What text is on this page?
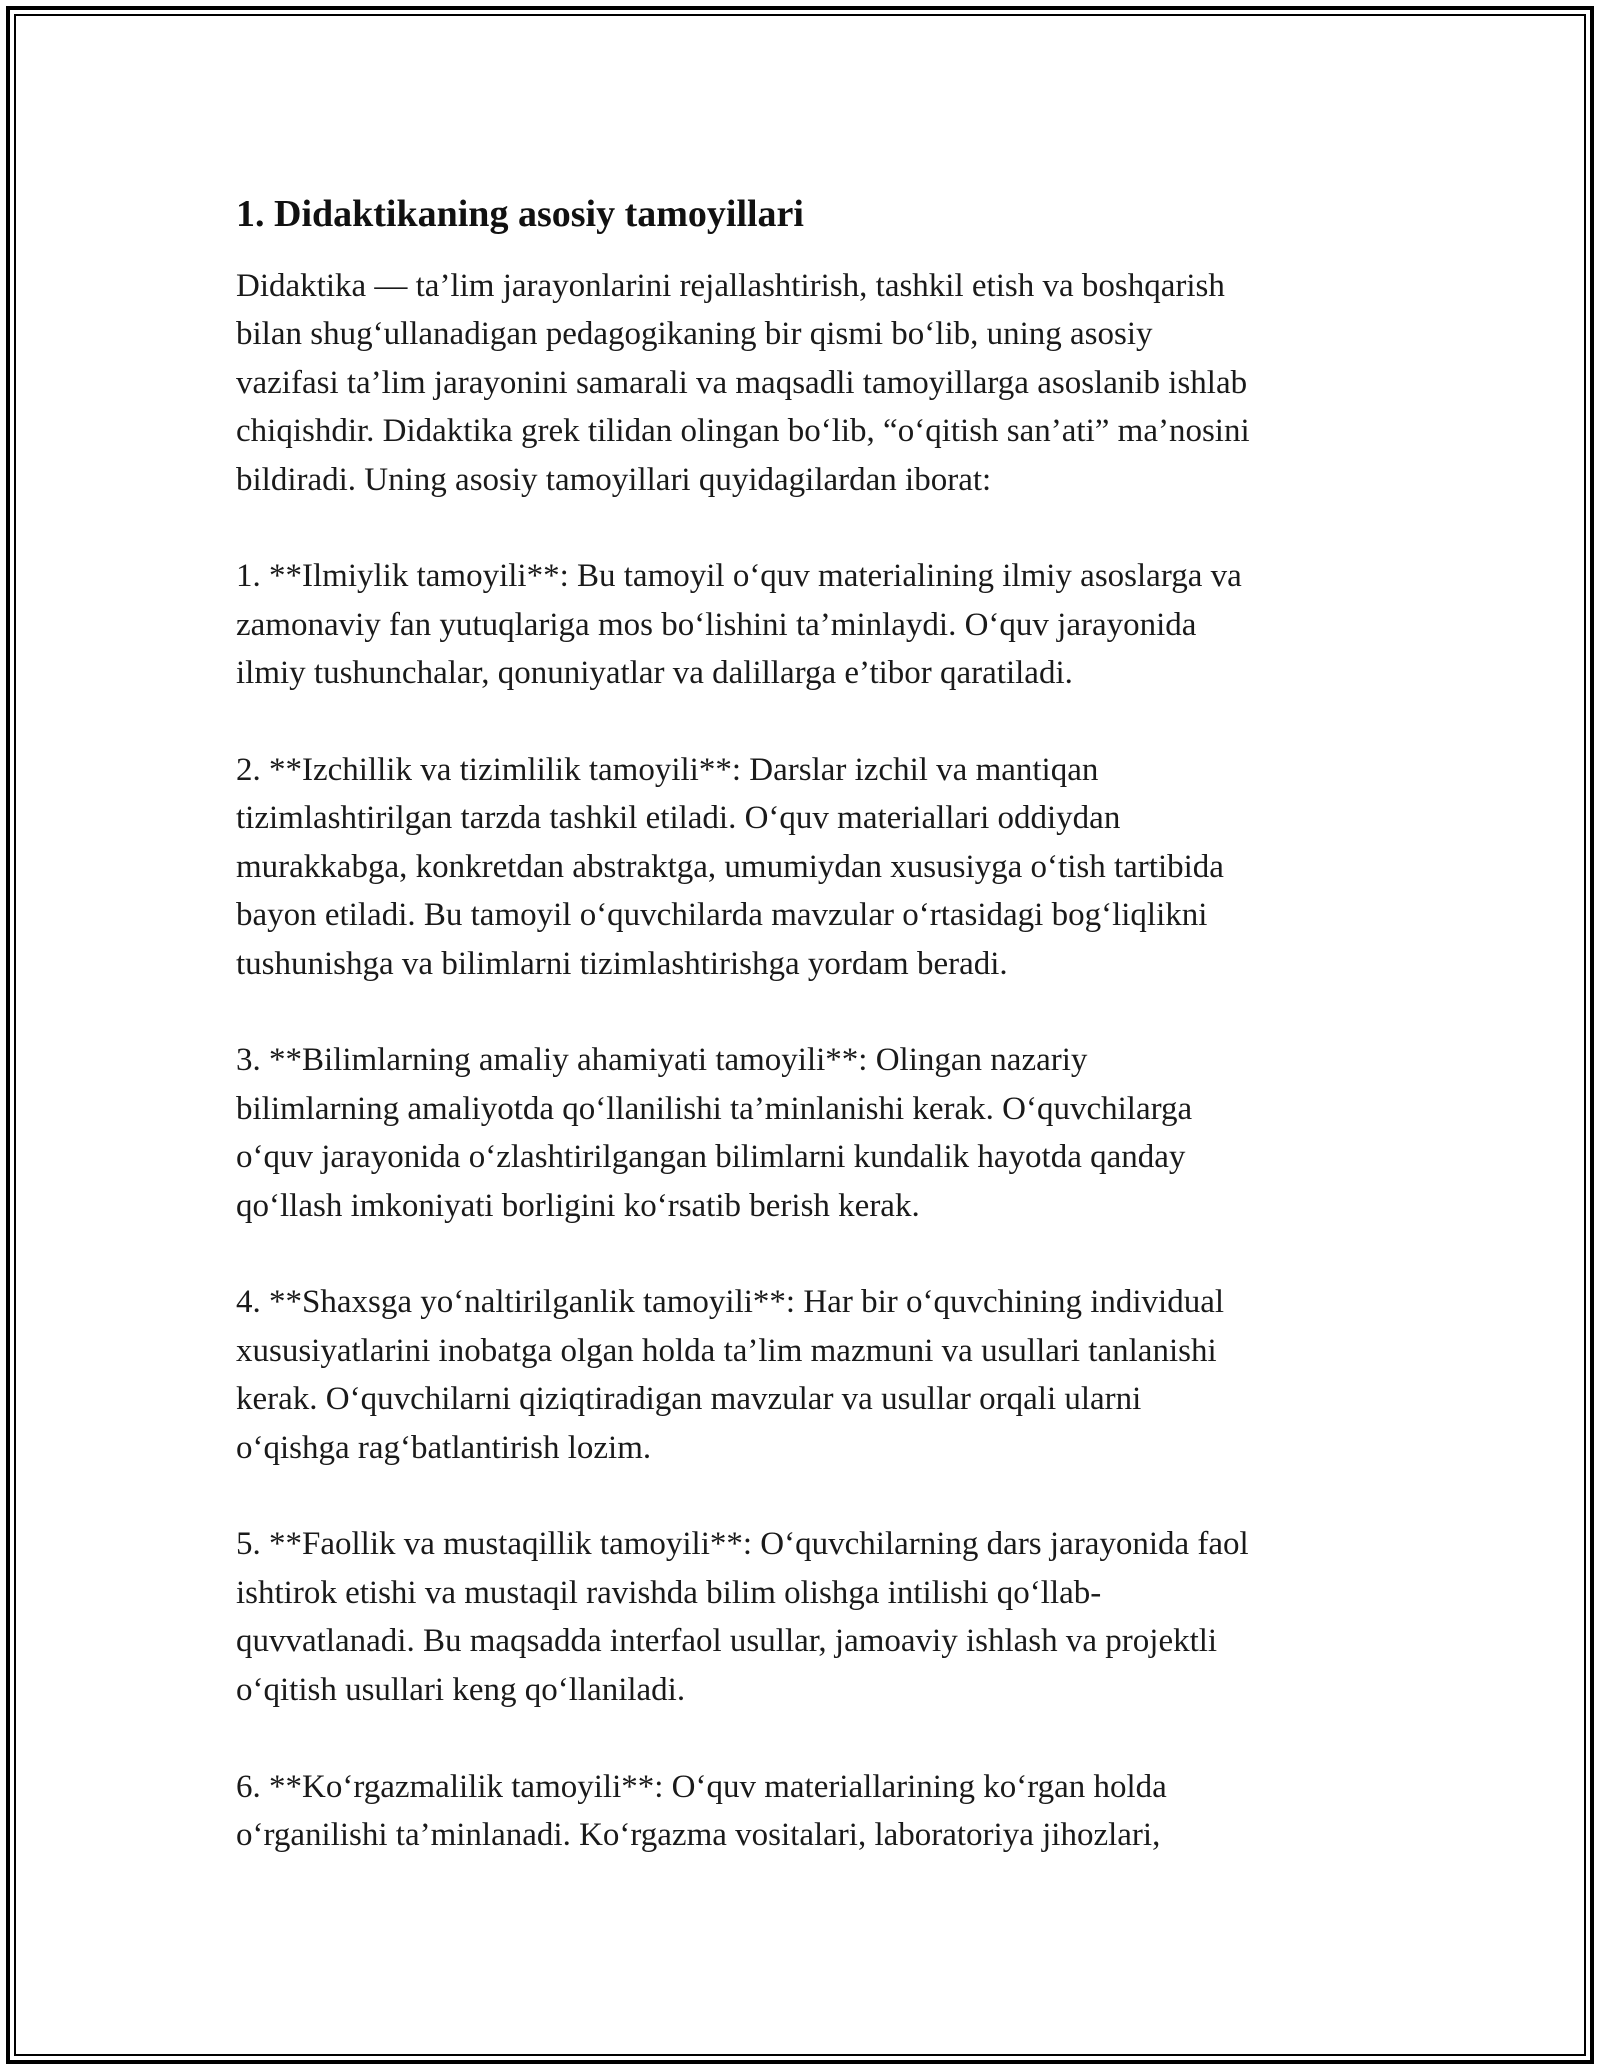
1. Didaktikaning asosiy tamoyillari

Didaktika — ta’lim jarayonlarini rejallashtirish, tashkil etish va boshqarish
bilan shug‘ullanadigan pedagogikaning bir qismi bo‘lib, uning asosiy
vazifasi ta’lim jarayonini samarali va maqsadli tamoyillarga asoslanib ishlab
chiqishdir. Didaktika grek tilidan olingan bo‘lib, “o‘qitish san’ati” ma’nosini
bildiradi. Uning asosiy tamoyillari quyidagilardan iborat:

1. **Ilmiylik tamoyili**: Bu tamoyil o‘quv materialining ilmiy asoslarga va
zamonaviy fan yutuqlariga mos bo‘lishini ta’minlaydi. O‘quv jarayonida
ilmiy tushunchalar, qonuniyatlar va dalillarga e’tibor qaratiladi.

2. **Izchillik va tizimlilik tamoyili**: Darslar izchil va mantiqan
tizimlashtirilgan tarzda tashkil etiladi. O‘quv materiallari oddiydan
murakkabga, konkretdan abstraktga, umumiydan xususiyga o‘tish tartibida
bayon etiladi. Bu tamoyil o‘quvchilarda mavzular o‘rtasidagi bog‘liqlikni
tushunishga va bilimlarni tizimlashtirishga yordam beradi.

3. **Bilimlarning amaliy ahamiyati tamoyili**: Olingan nazariy
bilimlarning amaliyotda qo‘llanilishi ta’minlanishi kerak. O‘quvchilarga
o‘quv jarayonida o‘zlashtirilgangan bilimlarni kundalik hayotda qanday
qo‘llash imkoniyati borligini ko‘rsatib berish kerak.

4. **Shaxsga yo‘naltirilganlik tamoyili**: Har bir o‘quvchining individual
xususiyatlarini inobatga olgan holda ta’lim mazmuni va usullari tanlanishi
kerak. O‘quvchilarni qiziqtiradigan mavzular va usullar orqali ularni
o‘qishga rag‘batlantirish lozim.

5. **Faollik va mustaqillik tamoyili**: O‘quvchilarning dars jarayonida faol
ishtirok etishi va mustaqil ravishda bilim olishga intilishi qo‘llab-
quvvatlanadi. Bu maqsadda interfaol usullar, jamoaviy ishlash va projektli
o‘qitish usullari keng qo‘llaniladi.

6. **Ko‘rgazmalilik tamoyili**: O‘quv materiallarining ko‘rgan holda
o‘rganilishi ta’minlanadi. Ko‘rgazma vositalari, laboratoriya jihozlari,
